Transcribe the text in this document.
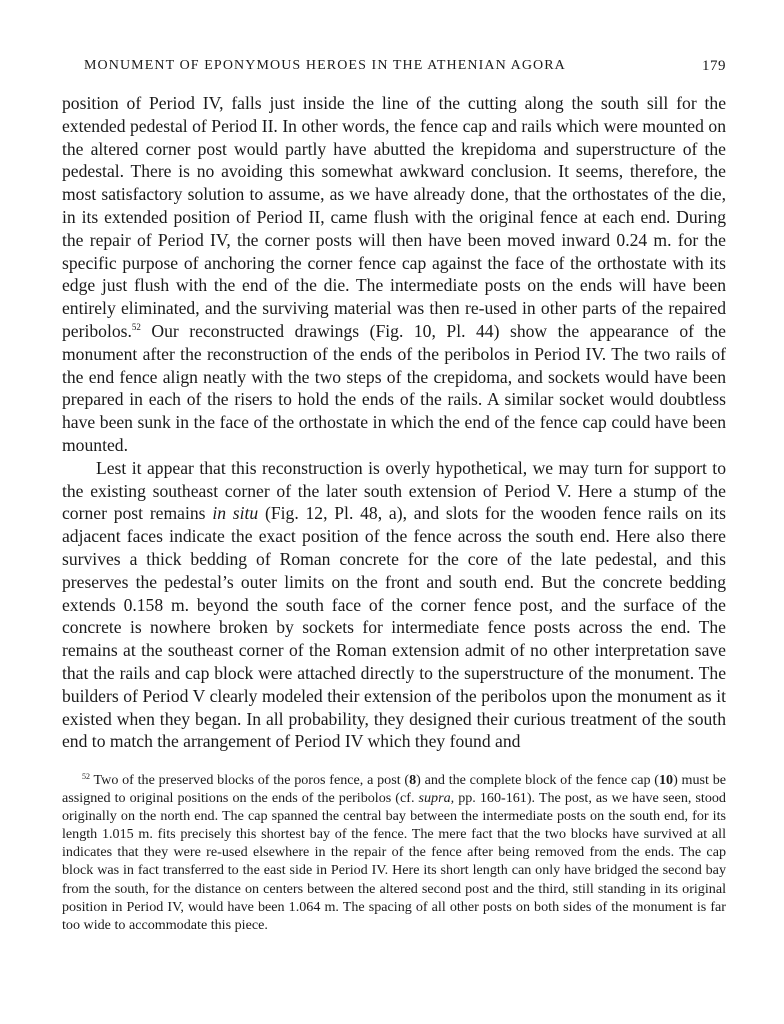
MONUMENT OF EPONYMOUS HEROES IN THE ATHENIAN AGORA	179

position of Period IV, falls just inside the line of the cutting along the south sill for the extended pedestal of Period II. In other words, the fence cap and rails which were mounted on the altered corner post would partly have abutted the krepidoma and superstructure of the pedestal. There is no avoiding this somewhat awkward conclusion. It seems, therefore, the most satisfactory solution to assume, as we have already done, that the orthostates of the die, in its extended position of Period II, came flush with the original fence at each end. During the repair of Period IV, the corner posts will then have been moved inward 0.24 m. for the specific purpose of anchoring the corner fence cap against the face of the orthostate with its edge just flush with the end of the die. The intermediate posts on the ends will have been entirely eliminated, and the surviving material was then re-used in other parts of the repaired peribolos.$^{52}$ Our reconstructed drawings (Fig. 10, Pl. 44) show the appearance of the monument after the reconstruction of the ends of the peribolos in Period IV. The two rails of the end fence align neatly with the two steps of the crepidoma, and sockets would have been prepared in each of the risers to hold the ends of the rails. A similar socket would doubtless have been sunk in the face of the orthostate in which the end of the fence cap could have been mounted.

Lest it appear that this reconstruction is overly hypothetical, we may turn for support to the existing southeast corner of the later south extension of Period V. Here a stump of the corner post remains in situ (Fig. 12, Pl. 48, a), and slots for the wooden fence rails on its adjacent faces indicate the exact position of the fence across the south end. Here also there survives a thick bedding of Roman concrete for the core of the late pedestal, and this preserves the pedestal’s outer limits on the front and south end. But the concrete bedding extends 0.158 m. beyond the south face of the corner fence post, and the surface of the concrete is nowhere broken by sockets for intermediate fence posts across the end. The remains at the southeast corner of the Roman extension admit of no other interpretation save that the rails and cap block were attached directly to the superstructure of the monument. The builders of Period V clearly modeled their extension of the peribolos upon the monument as it existed when they began. In all probability, they designed their curious treatment of the south end to match the arrangement of Period IV which they found and

$^{52}$ Two of the preserved blocks of the poros fence, a post (8) and the complete block of the fence cap (10) must be assigned to original positions on the ends of the peribolos (cf. supra, pp. 160-161). The post, as we have seen, stood originally on the north end. The cap spanned the central bay between the intermediate posts on the south end, for its length 1.015 m. fits precisely this shortest bay of the fence. The mere fact that the two blocks have survived at all indicates that they were re-used elsewhere in the repair of the fence after being removed from the ends. The cap block was in fact transferred to the east side in Period IV. Here its short length can only have bridged the second bay from the south, for the distance on centers between the altered second post and the third, still standing in its original position in Period IV, would have been 1.064 m. The spacing of all other posts on both sides of the monument is far too wide to accommodate this piece.
